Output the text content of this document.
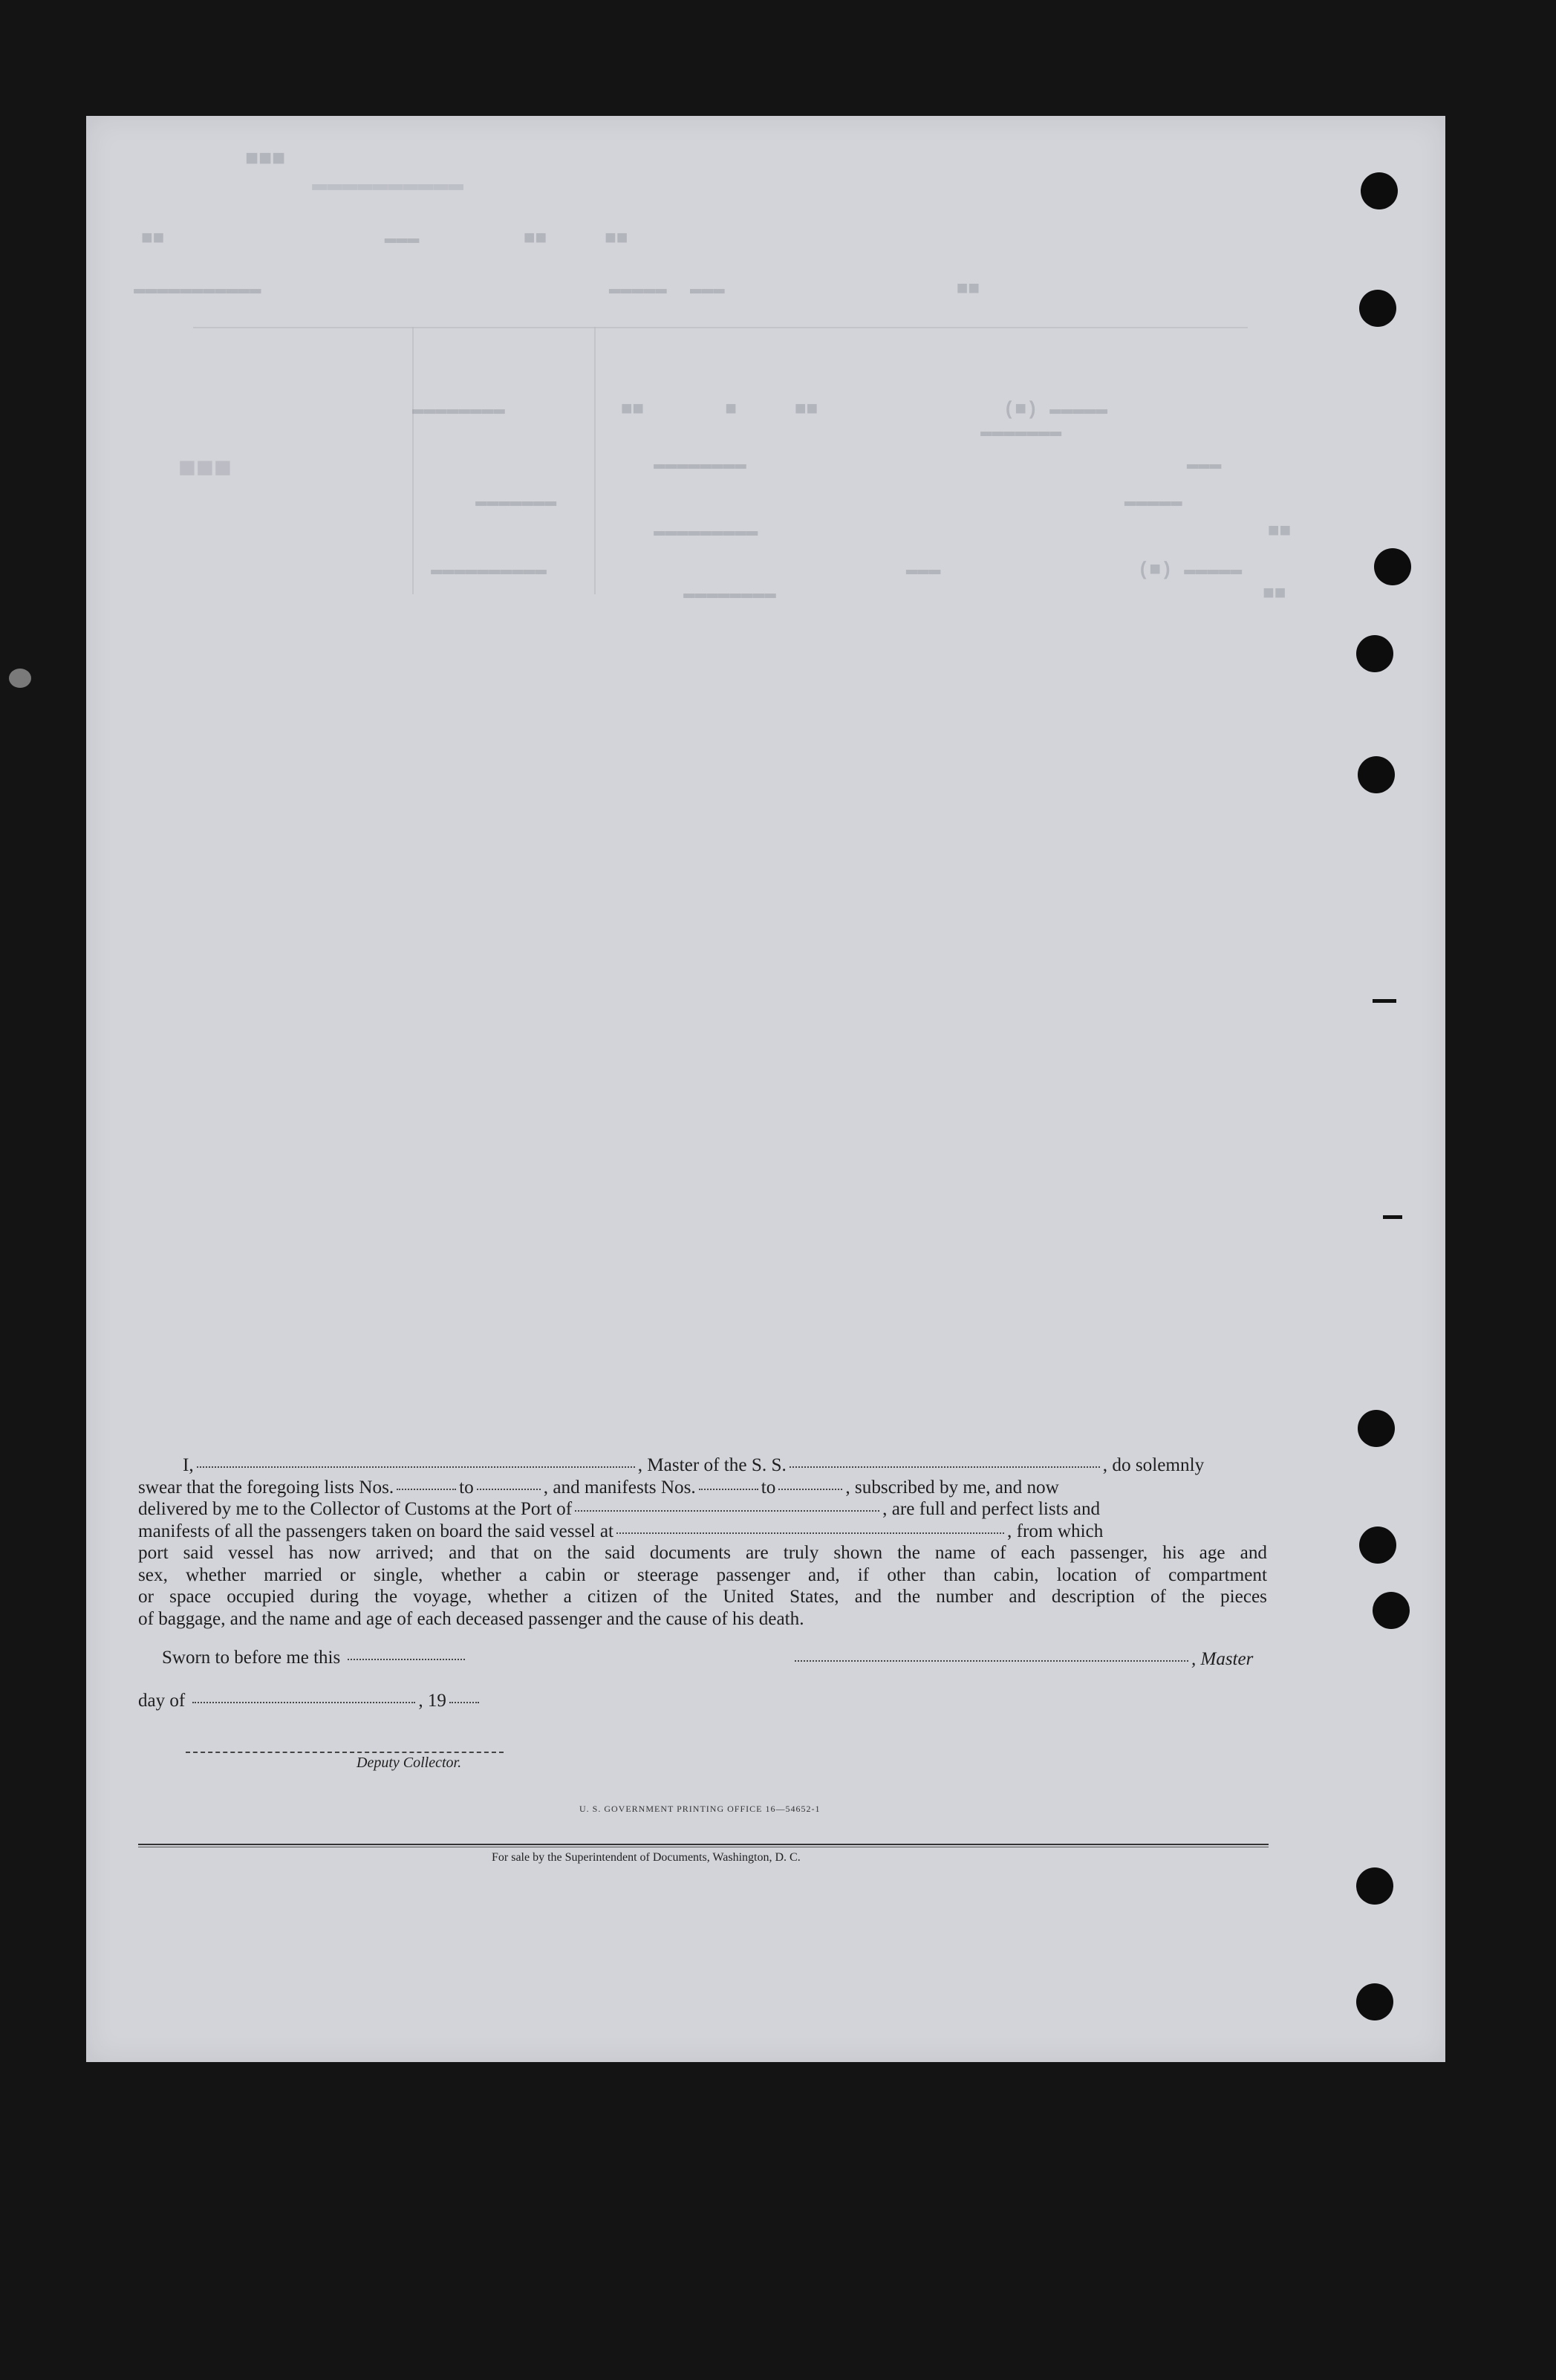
■■■
▬▬▬▬▬▬▬▬▬▬
■■     ■■         ▬▬▬                   ■■
■■                    ▬▬▬  ▬▬▬▬▬                              ▬▬▬▬▬▬▬▬▬▬▬
▬▬▬▬▬ (■)                ■■     ■       ■■          ▬▬▬▬▬▬▬▬
▬▬▬▬▬▬▬
■■■	▬▬▬                                      ▬▬▬▬▬▬▬▬
▬▬▬▬▬                                                 ▬▬▬▬▬▬▬
■■                                            ▬▬▬▬▬▬▬▬▬
▬▬▬▬▬ (■)                 ▬▬▬                               ▬▬▬▬▬▬▬▬▬▬
■■                                          ▬▬▬▬▬▬▬▬
I,	, Master of the S. S.	, do solemnly
swear that the foregoing lists Nos.	to	, and manifests Nos.	to	, subscribed by me, and now
delivered by me to the Collector of Customs at the Port of	, are full and perfect lists and
manifests of all the passengers taken on board the said vessel at	, from which
port said vessel has now arrived; and that on the said documents are truly shown the name of each passenger, his age and
sex, whether married or single, whether a cabin or steerage passenger and, if other than cabin, location of compartment
or space occupied during the voyage, whether a citizen of the United States, and the number and description of the pieces
of baggage, and the name and age of each deceased passenger and the cause of his death.
Sworn to before me this	, Master
day of	, 19
Deputy Collector.
U. S. GOVERNMENT PRINTING OFFICE 16—54652-1
For sale by the Superintendent of Documents, Washington, D. C.
